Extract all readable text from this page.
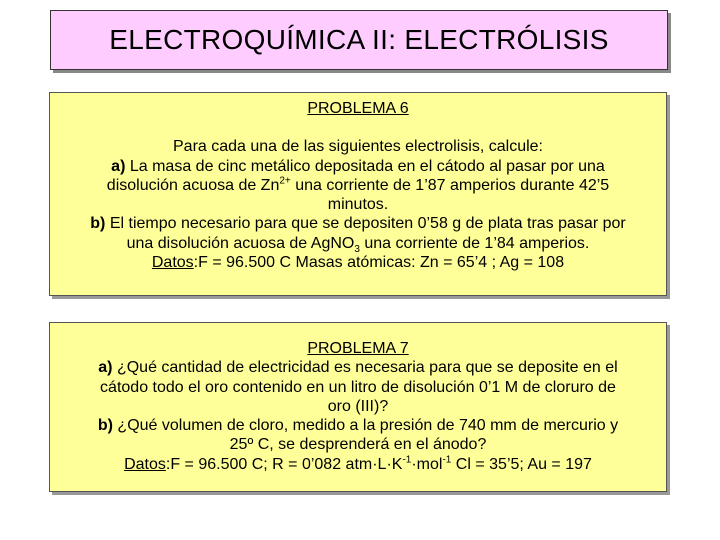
ELECTROQUÍMICA II: ELECTRÓLISIS
PROBLEMA 6
Para cada una de las siguientes electrolisis, calcule:
a) La masa de cinc metálico depositada en el cátodo al pasar por una
disolución acuosa de $Zn^{2+}$ una corriente de 1’87 amperios durante 42’5
minutos.
b) El tiempo necesario para que se depositen 0’58 g de plata tras pasar por
una disolución acuosa de AgNO$_3$ una corriente de 1’84 amperios.
Datos:F = 96.500 C Masas atómicas: Zn = 65’4 ; Ag = 108
PROBLEMA 7
a) ¿Qué cantidad de electricidad es necesaria para que se deposite en el
cátodo todo el oro contenido en un litro de disolución 0’1 M de cloruro de
oro (III)?
b) ¿Qué volumen de cloro, medido a la presión de 740 mm de mercurio y
25º C, se desprenderá en el ánodo?
Datos:F = 96.500 C; R = 0’082 $atm\cdot L\cdot K^{-1}\cdot mol^{-1}$ Cl = 35’5; Au = 197
